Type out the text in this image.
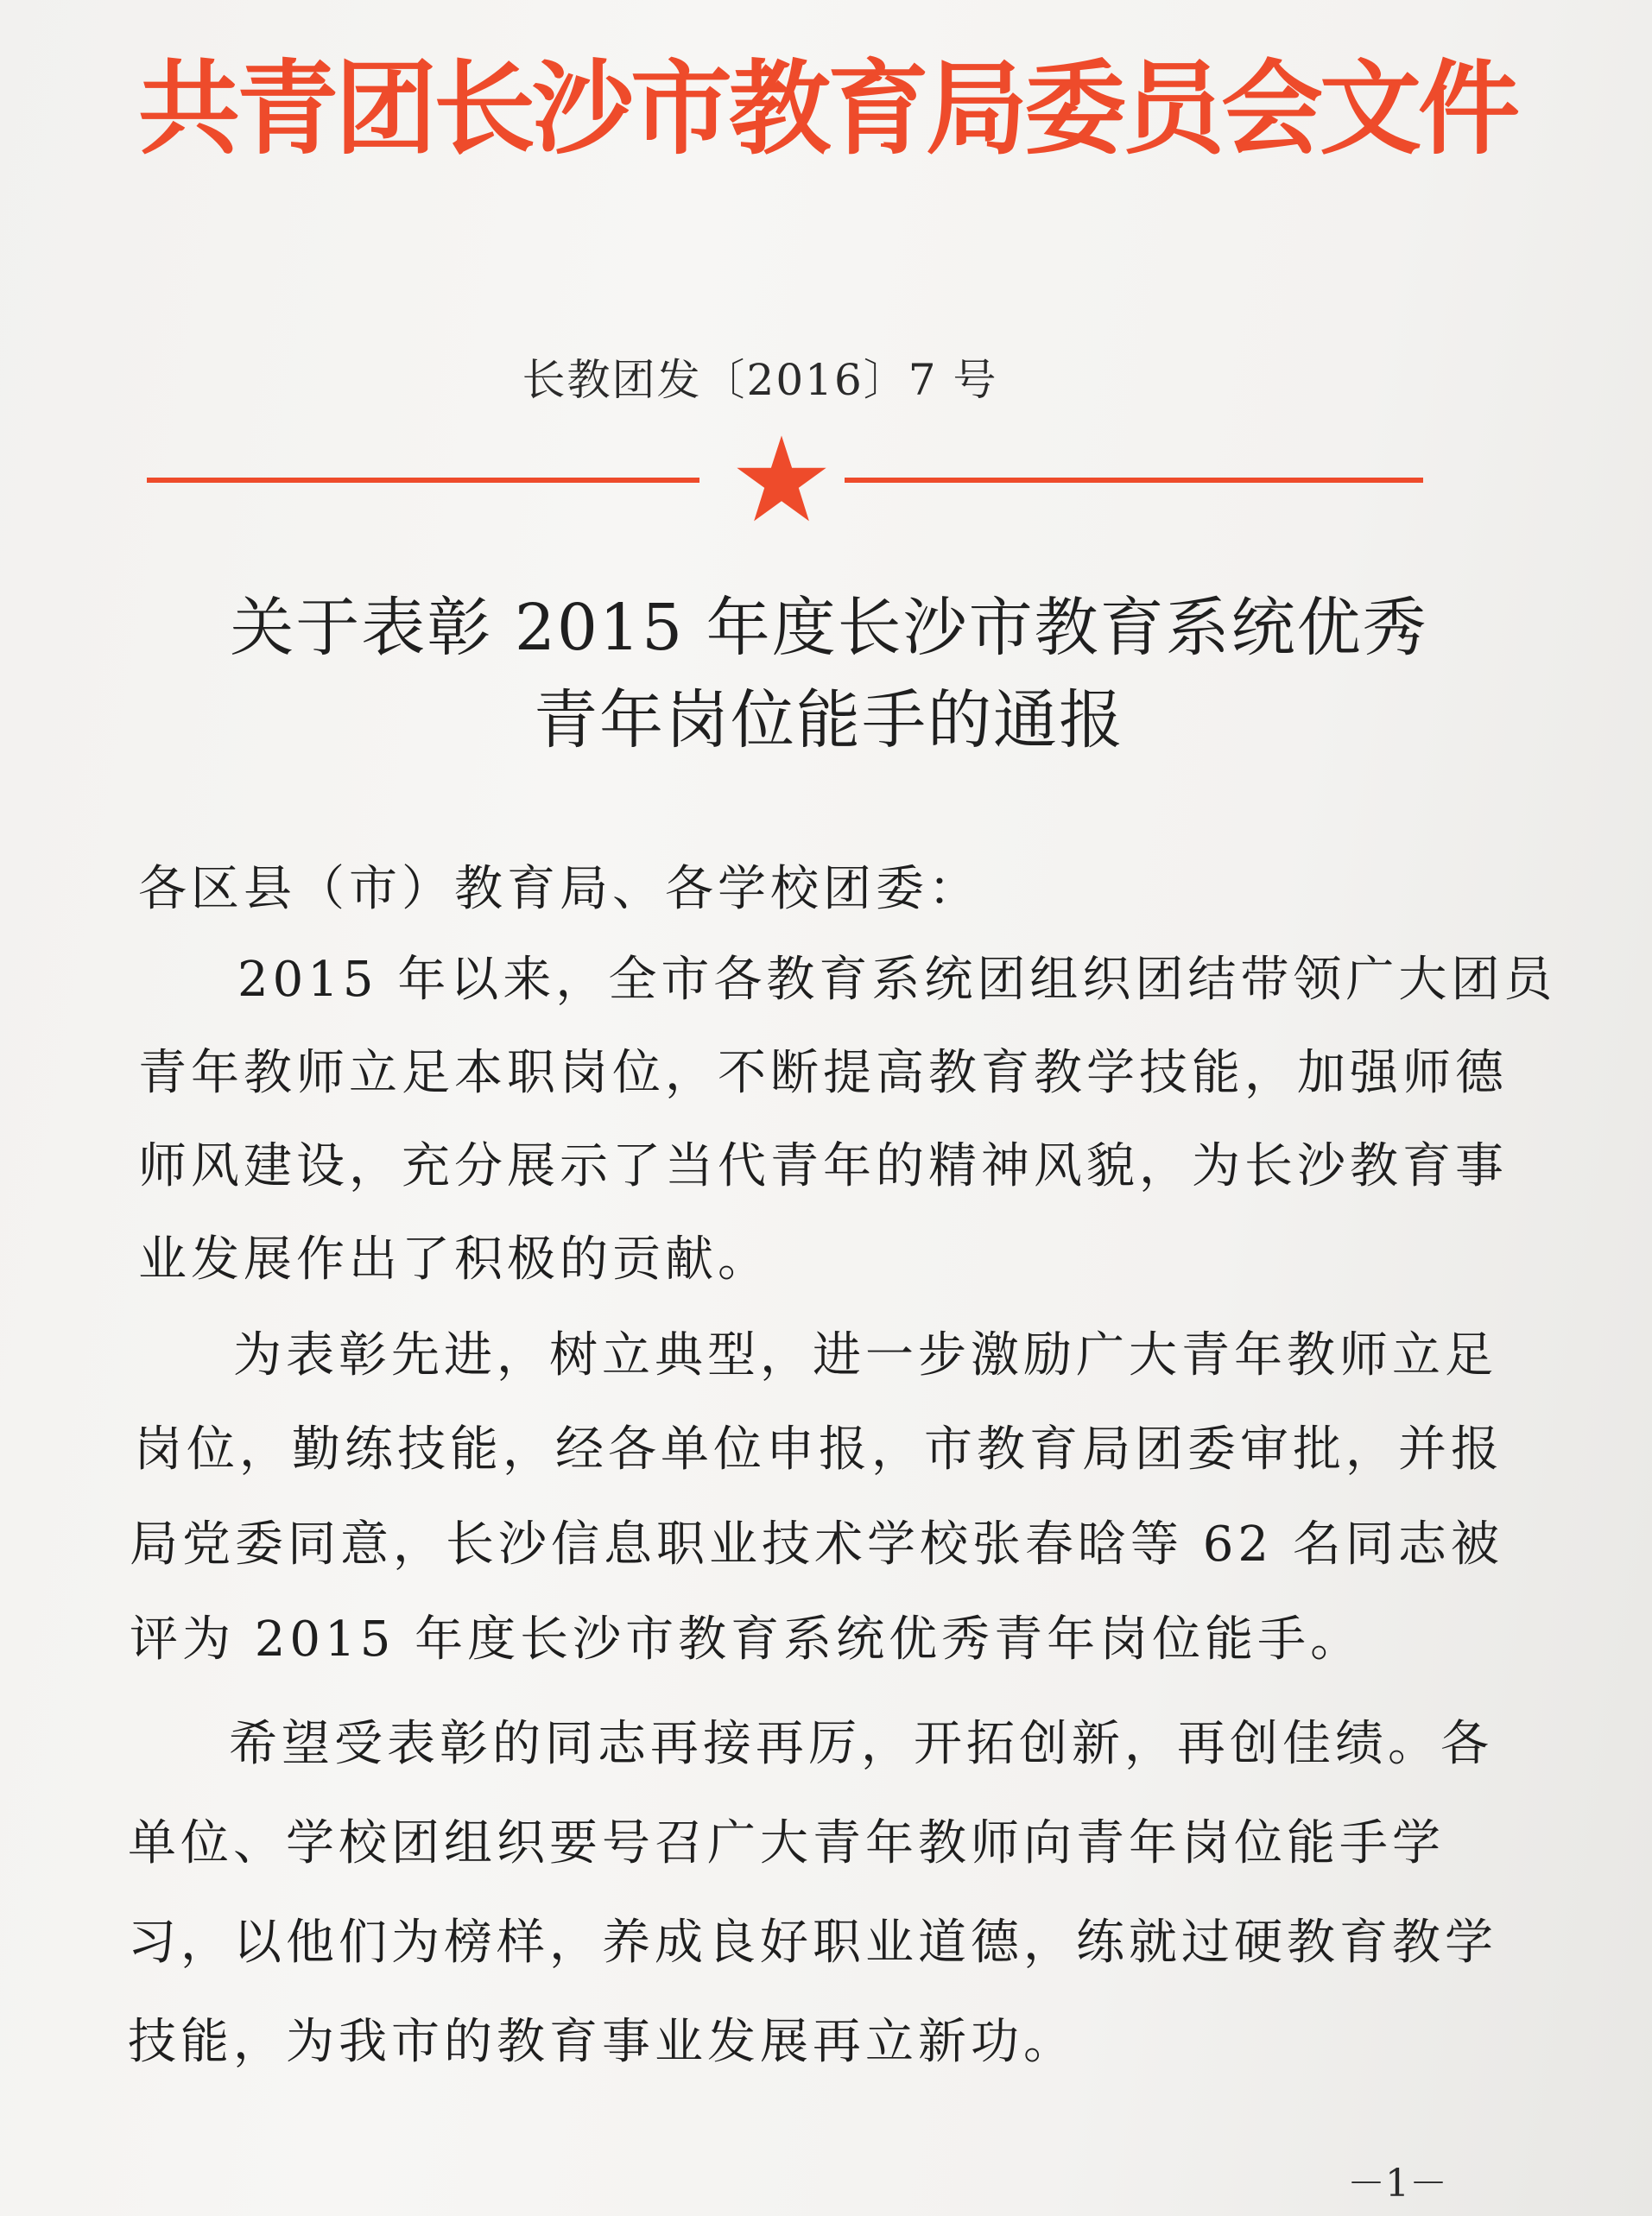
共青团长沙市教育局委员会文件
长教团发〔2016〕7 号
关于表彰 2015 年度长沙市教育系统优秀
青年岗位能手的通报
各区县（市）教育局、各学校团委：
2015 年以来，全市各教育系统团组织团结带领广大团员
青年教师立足本职岗位，不断提高教育教学技能，加强师德
师风建设，充分展示了当代青年的精神风貌，为长沙教育事
业发展作出了积极的贡献。
为表彰先进，树立典型，进一步激励广大青年教师立足
岗位，勤练技能，经各单位申报，市教育局团委审批，并报
局党委同意，长沙信息职业技术学校张春晗等 62 名同志被
评为 2015 年度长沙市教育系统优秀青年岗位能手。
希望受表彰的同志再接再厉，开拓创新，再创佳绩。各
单位、学校团组织要号召广大青年教师向青年岗位能手学
习，以他们为榜样，养成良好职业道德，练就过硬教育教学
技能，为我市的教育事业发展再立新功。
－1－
